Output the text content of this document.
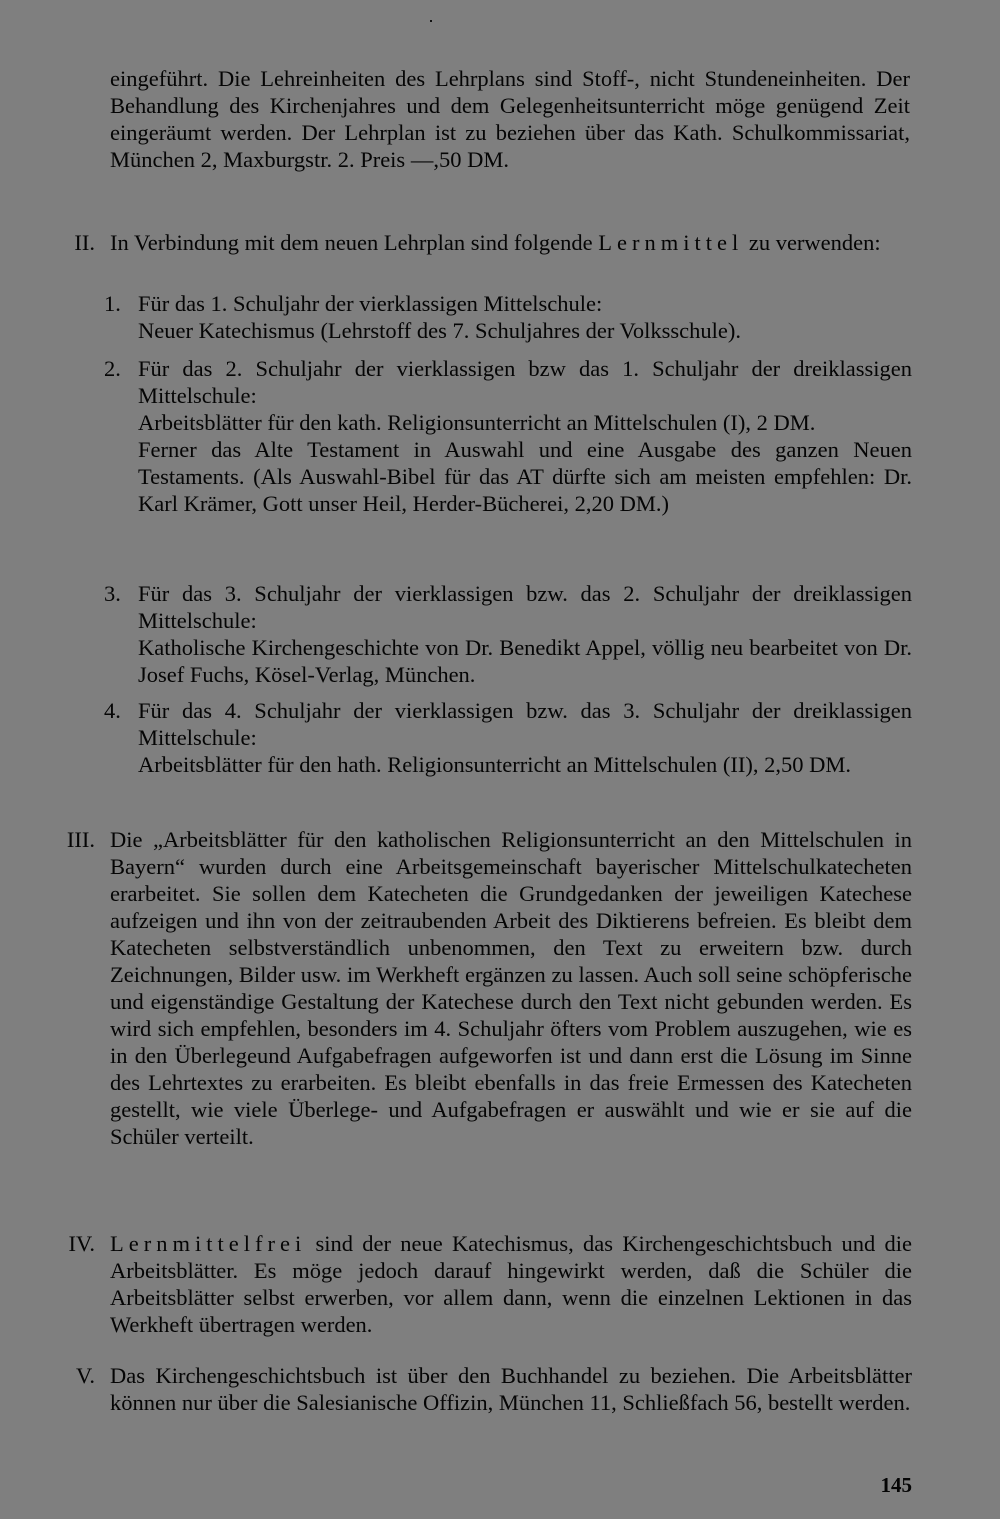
eingeführt. Die Lehreinheiten des Lehrplans sind Stoff-, nicht Stundeneinheiten. Der Behandlung des Kirchenjahres und dem Gelegenheitsunterricht möge genügend Zeit eingeräumt werden. Der Lehrplan ist zu beziehen über das Kath. Schulkommissariat, München 2, Maxburgstr. 2. Preis —,50 DM.
II. In Verbindung mit dem neuen Lehrplan sind folgende Lernmittel zu verwenden:
1. Für das 1. Schuljahr der vierklassigen Mittelschule:
Neuer Katechismus (Lehrstoff des 7. Schuljahres der Volksschule).
2. Für das 2. Schuljahr der vierklassigen bzw das 1. Schuljahr der dreiklassigen Mittelschule:
Arbeitsblätter für den kath. Religionsunterricht an Mittelschulen (I), 2 DM.
Ferner das Alte Testament in Auswahl und eine Ausgabe des ganzen Neuen Testaments. (Als Auswahl-Bibel für das AT dürfte sich am meisten empfehlen: Dr. Karl Krämer, Gott unser Heil, Herder-Bücherei, 2,20 DM.)
3. Für das 3. Schuljahr der vierklassigen bzw. das 2. Schuljahr der dreiklassigen Mittelschule:
Katholische Kirchengeschichte von Dr. Benedikt Appel, völlig neu bearbeitet von Dr. Josef Fuchs, Kösel-Verlag, München.
4. Für das 4. Schuljahr der vierklassigen bzw. das 3. Schuljahr der dreiklassigen Mittelschule:
Arbeitsblätter für den hath. Religionsunterricht an Mittelschulen (II), 2,50 DM.
III. Die „Arbeitsblätter für den katholischen Religionsunterricht an den Mittelschulen in Bayern“ wurden durch eine Arbeitsgemeinschaft bayerischer Mittelschulkatecheten erarbeitet. Sie sollen dem Katecheten die Grundgedanken der jeweiligen Katechese aufzeigen und ihn von der zeitraubenden Arbeit des Diktierens befreien. Es bleibt dem Katecheten selbstverständlich unbenommen, den Text zu erweitern bzw. durch Zeichnungen, Bilder usw. im Werkheft ergänzen zu lassen. Auch soll seine schöpferische und eigenständige Gestaltung der Katechese durch den Text nicht gebunden werden. Es wird sich empfehlen, besonders im 4. Schuljahr öfters vom Problem auszugehen, wie es in den Überlegeund Aufgabefragen aufgeworfen ist und dann erst die Lösung im Sinne des Lehrtextes zu erarbeiten. Es bleibt ebenfalls in das freie Ermessen des Katecheten gestellt, wie viele Überlege- und Aufgabefragen er auswählt und wie er sie auf die Schüler verteilt.
IV. Lernmittelfrei sind der neue Katechismus, das Kirchengeschichtsbuch und die Arbeitsblätter. Es möge jedoch darauf hingewirkt werden, daß die Schüler die Arbeitsblätter selbst erwerben, vor allem dann, wenn die einzelnen Lektionen in das Werkheft übertragen werden.
V. Das Kirchengeschichtsbuch ist über den Buchhandel zu beziehen. Die Arbeitsblätter können nur über die Salesianische Offizin, München 11, Schließfach 56, bestellt werden.
145
